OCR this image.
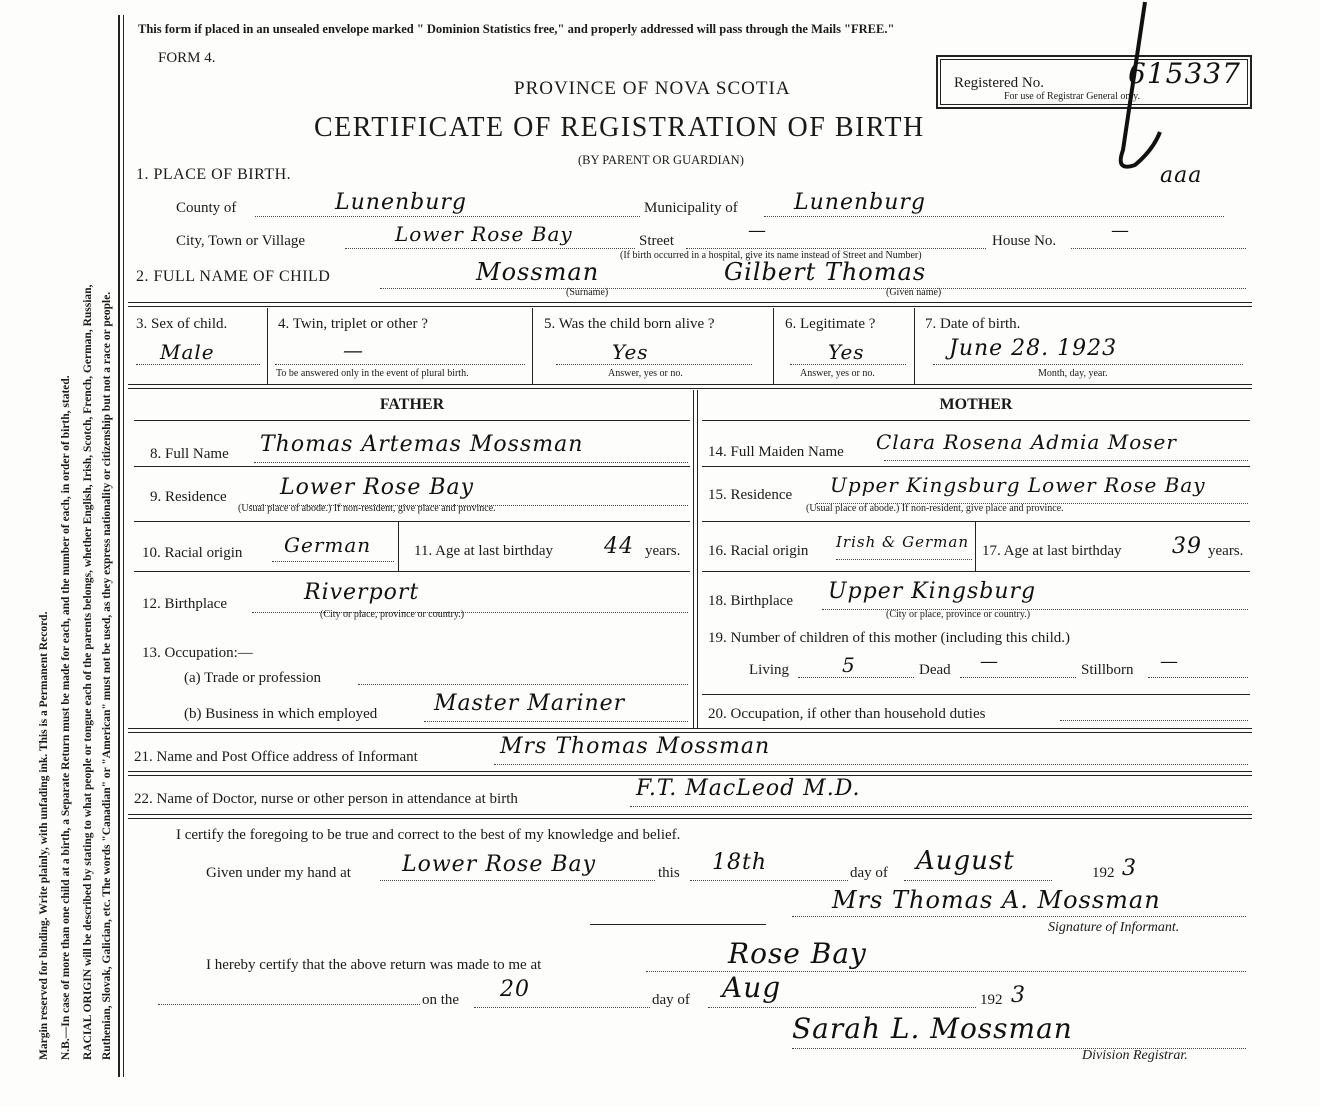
Margin reserved for binding. Write plainly, with unfading ink. This is a Permanent Record. N.B.—In case of more than one child at a birth, a Separate Return must be made for each, and the number of each, in order of birth, stated. RACIAL ORIGIN will be described by stating to what people or tongue each of the parents belongs, whether English, Irish, Scotch, French, German, Russian, Ruthenian, Slovak, Galician, etc. The words "Canadian" or "American" must not be used, as they express nationality or citizenship but not a race or people.
This form if placed in an unsealed envelope marked " Dominion Statistics free," and properly addressed will pass through the Mails "FREE."
FORM 4.
PROVINCE OF NOVA SCOTIA
CERTIFICATE OF REGISTRATION OF BIRTH
(BY PARENT OR GUARDIAN)
Registered No.	615337
For use of Registrar General only.
aaa
1. PLACE OF BIRTH.
County of	Lunenburg	Municipality of	Lunenburg
City, Town or Village	Lower Rose Bay	Street	—
(If birth occurred in a hospital, give its name instead of Street and Number)
House No.	—
2. FULL NAME OF CHILD	Mossman	Gilbert Thomas
(Surname)	(Given name)
3. Sex of child.
Male
4. Twin, triplet or other ?
—
To be answered only in the event of plural birth.
5. Was the child born alive ?
Yes
Answer, yes or no.
6. Legitimate ?
Yes
Answer, yes or no.
7. Date of birth.
June 28. 1923
Month, day, year.
FATHER	MOTHER
8. Full Name Thomas Artemas Mossman
9. Residence Lower Rose Bay
(Usual place of abode.) If non-resident, give place and province.
10. Racial origin German	11. Age at last birthday 44 years.
12. Birthplace	Riverport
(City or place, province or country.)
13. Occupation:—
(a) Trade or profession
(b) Business in which employed	Master Mariner
14. Full Maiden Name Clara Rosena Admia Moser
15. Residence Upper Kingsburg Lower Rose Bay
(Usual place of abode.) If non-resident, give place and province.
16. Racial origin Irish & German 17. Age at last birthday 39 years.
18. Birthplace Upper Kingsburg
(City or place, province or country.)
19. Number of children of this mother (including this child.)
Living	5	Dead —	Stillborn —
20. Occupation, if other than household duties
21. Name and Post Office address of Informant	Mrs Thomas Mossman
22. Name of Doctor, nurse or other person in attendance at birth	F.T. MacLeod M.D.
I certify the foregoing to be true and correct to the best of my knowledge and belief.
Given under my hand at Lower Rose Bay	this 18th	day of August	192 3
Mrs Thomas A. Mossman
Signature of Informant.
I hereby certify that the above return was made to me at	Rose Bay
on the 20	day of Aug	192 3
Sarah L. Mossman
Division Registrar.
